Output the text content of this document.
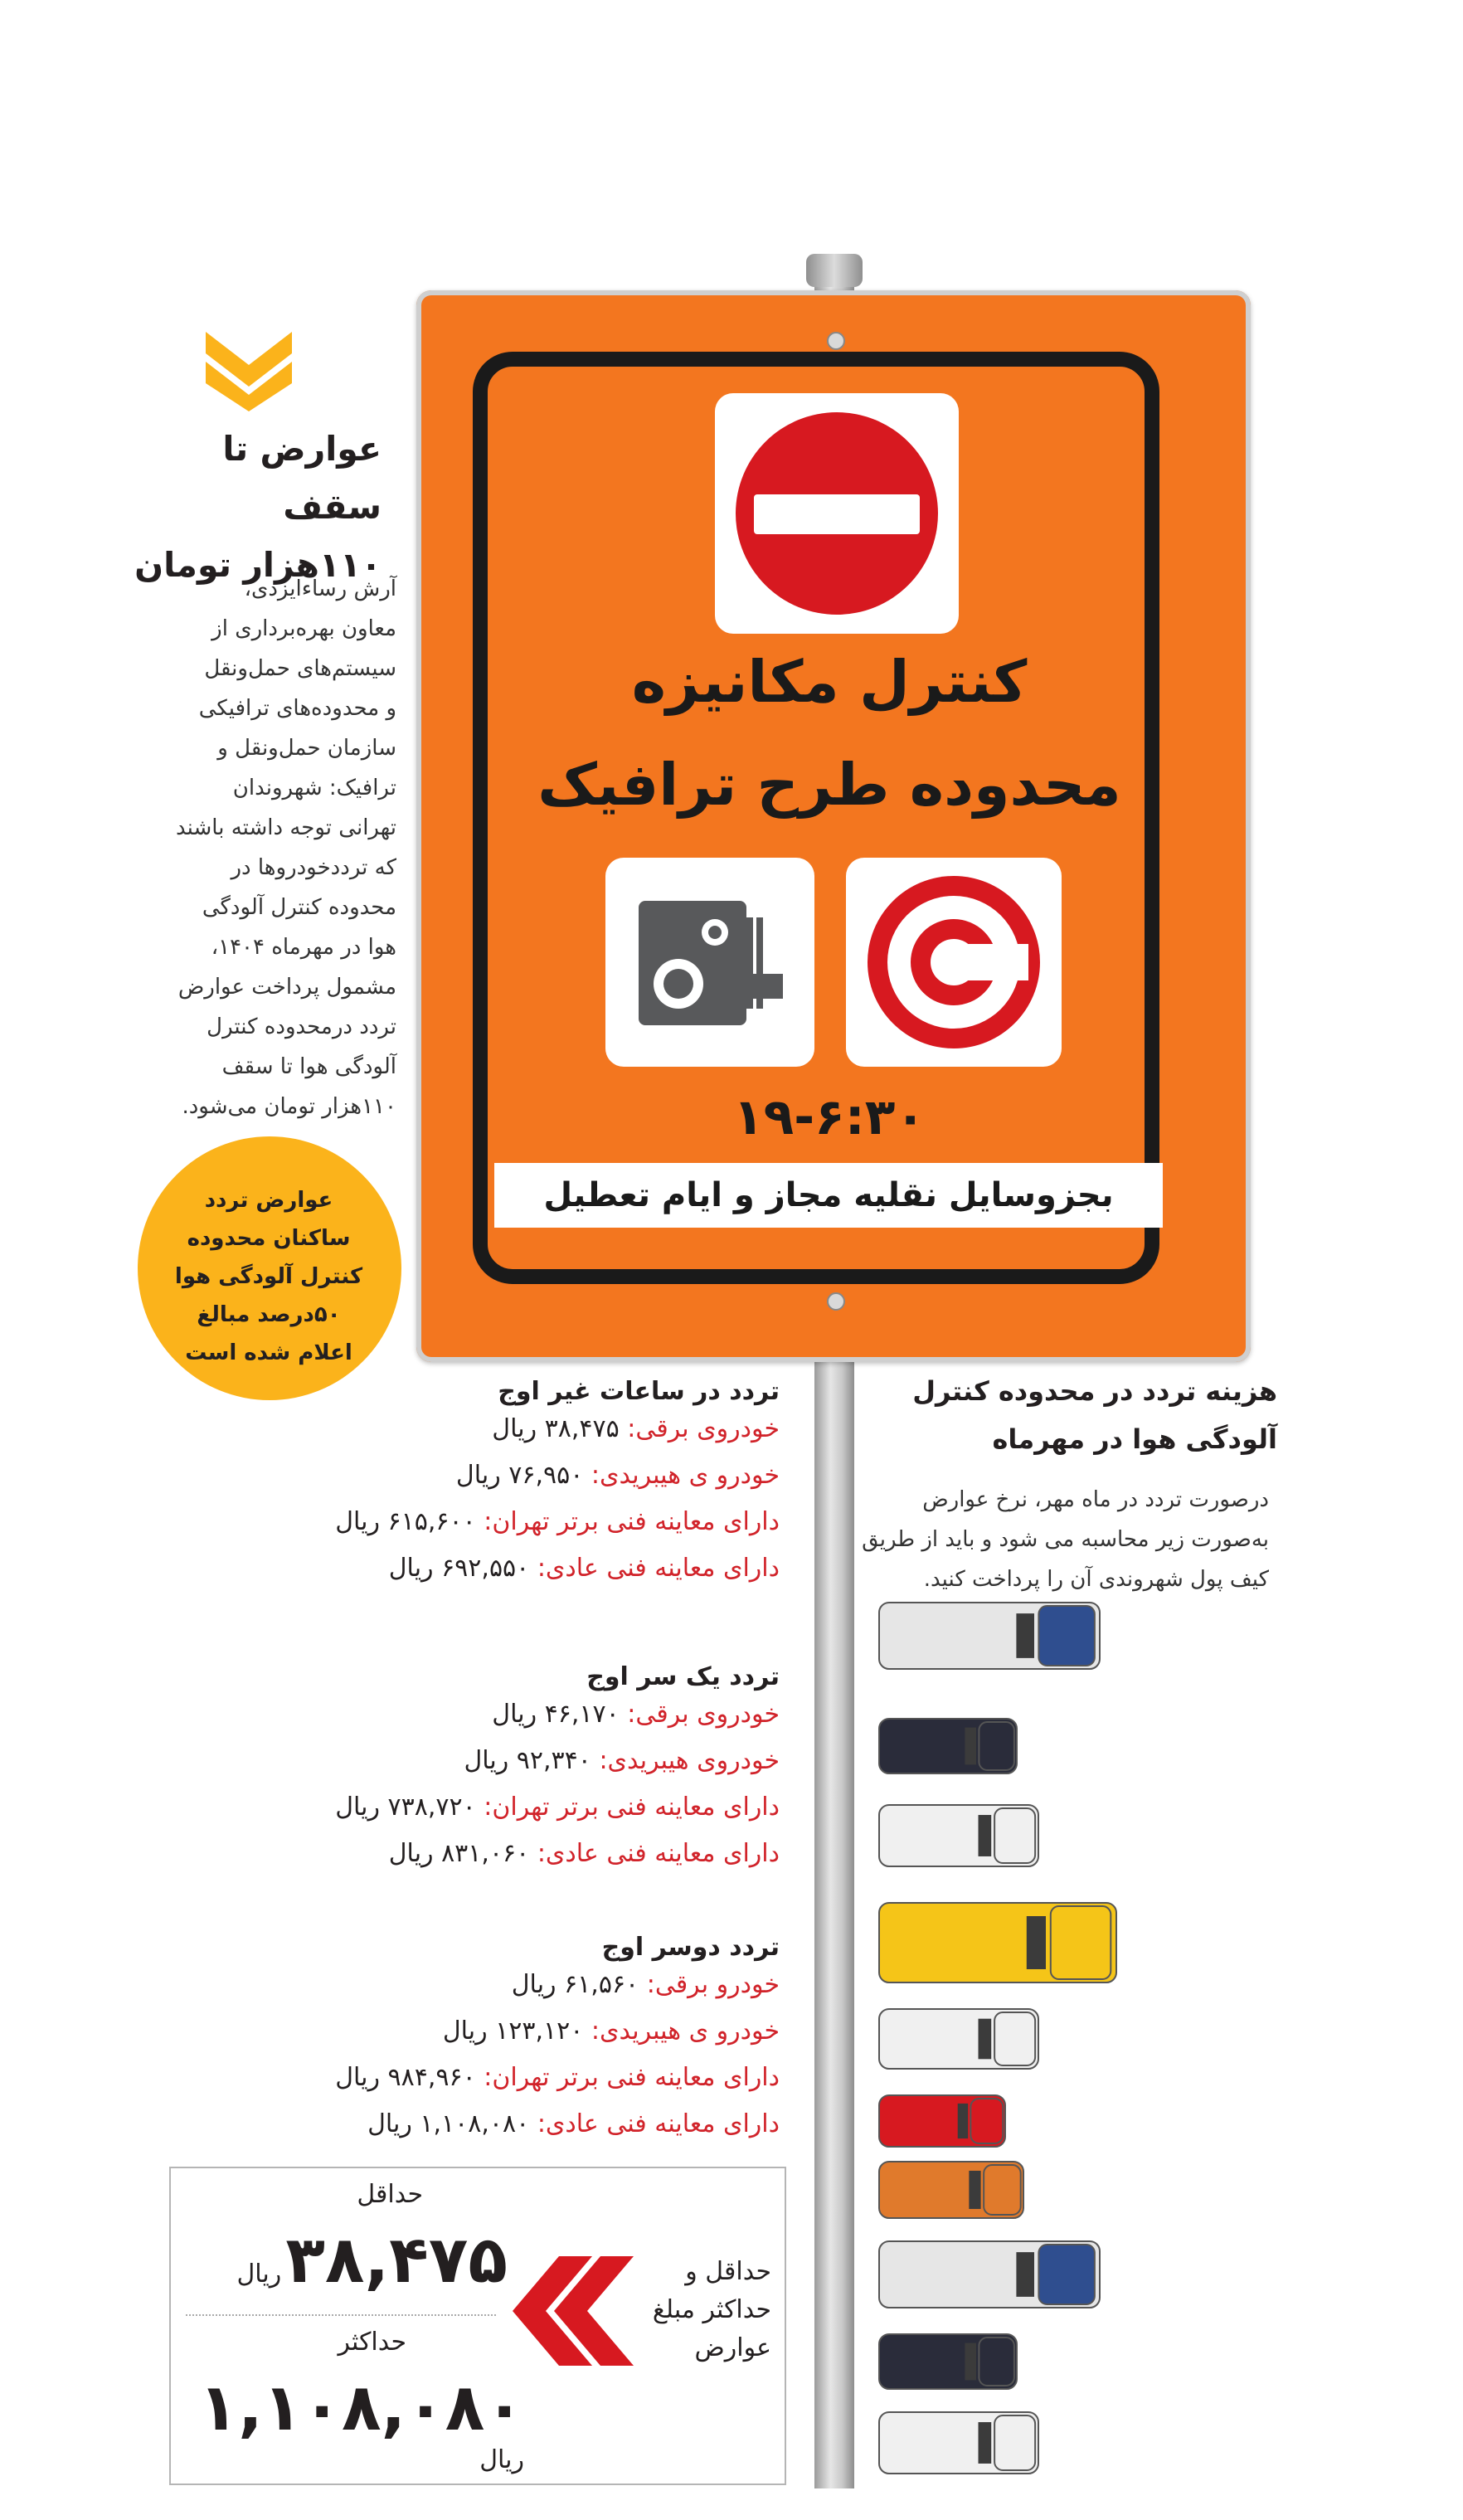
عوارض تا سقف
۱۱۰هزار تومان
آرش رساءایزدی،
معاون بهره‌برداری از
سیستم‌های حمل‌ونقل
و محدوده‌های ترافیکی
سازمان حمل‌ونقل و
ترافیک: شهروندان
تهرانی توجه داشته باشند
که تردد‌خودروها در
محدوده کنترل آلودگی
هوا در مهرماه ۱۴۰۴،
مشمول پرداخت عوارض
تردد درمحدوده کنترل
آلودگی هوا تا سقف
۱۱۰هزار تومان می‌شود.
عوارض تردد
ساکنان محدوده
کنترل آلودگی هوا
۵۰درصد مبالغ
اعلام شده است
کنترل مکانیزه
محدوده طرح ترافیک
۱۹-۶:۳۰
بجزوسایل نقلیه مجاز و ایام تعطیل
هزینه تردد در محدوده کنترل
آلودگی هوا در مهرماه
درصورت تردد در ماه مهر، نرخ عوارض
به‌صورت زیر محاسبه می شود و باید از طریق
کیف پول شهروندی آن را پرداخت کنید.
تردد در ساعات غیر اوج
خودروی برقی: ۳۸,۴۷۵ ریال
خودرو ی هیبریدی: ۷۶,۹۵۰ ریال
دارای معاینه فنی برتر تهران: ۶۱۵,۶۰۰ ریال
دارای معاینه فنی عادی: ۶۹۲,۵۵۰ ریال
تردد یک سر اوج
خودروی برقی: ۴۶,۱۷۰ ریال
خودروی هیبریدی: ۹۲,۳۴۰ ریال
دارای معاینه فنی برتر تهران: ۷۳۸,۷۲۰ ریال
دارای معاینه فنی عادی: ۸۳۱,۰۶۰ ریال
تردد دوسر اوج
خودرو برقی: ۶۱,۵۶۰ ریال
خودرو ی هیبریدی: ۱۲۳,۱۲۰ ریال
دارای معاینه فنی برتر تهران: ۹۸۴,۹۶۰ ریال
دارای معاینه فنی عادی: ۱,۱۰۸,۰۸۰ ریال
حداقل
۳۸,۴۷۵ ریال
حداکثر
۱,۱۰۸,۰۸۰ ریال
حداقل و
حداکثر مبلغ
عوارض
